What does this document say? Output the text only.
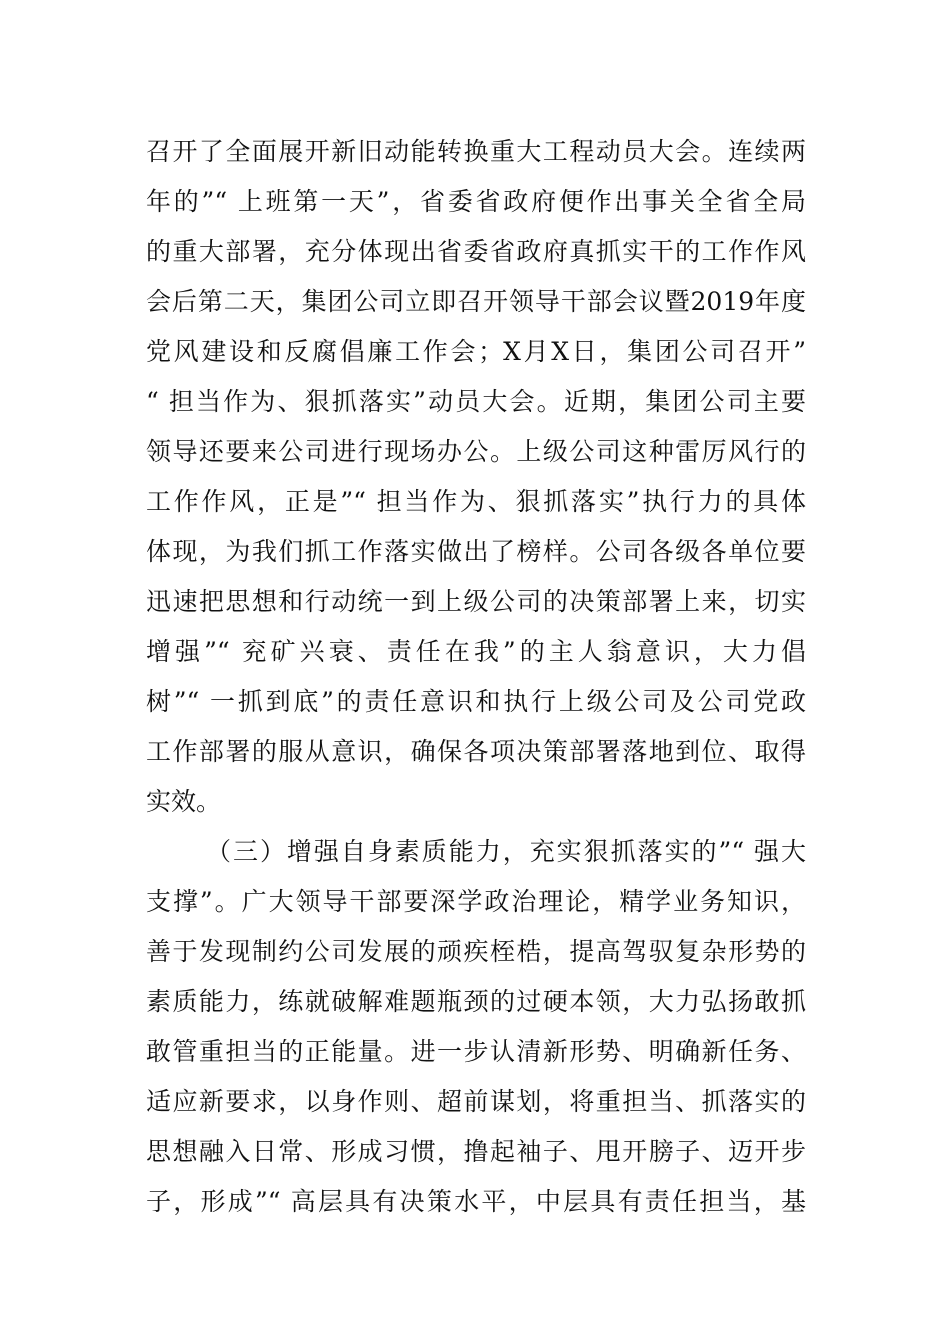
召开了全面展开新旧动能转换重大工程动员大会。连续两
年的”“ 上班第一天”，省委省政府便作出事关全省全局
的重大部署，充分体现出省委省政府真抓实干的工作作风
会后第二天，集团公司立即召开领导干部会议暨2019年度
党风建设和反腐倡廉工作会；X月X日，集团公司召开”
“ 担当作为、狠抓落实”动员大会。近期，集团公司主要
领导还要来公司进行现场办公。上级公司这种雷厉风行的
工作作风，正是”“ 担当作为、狠抓落实”执行力的具体
体现，为我们抓工作落实做出了榜样。公司各级各单位要
迅速把思想和行动统一到上级公司的决策部署上来，切实
增强”“ 兖矿兴衰、责任在我”的主人翁意识，大力倡
树”“ 一抓到底”的责任意识和执行上级公司及公司党政
工作部署的服从意识，确保各项决策部署落地到位、取得
实效。
（三）增强自身素质能力，充实狠抓落实的”“ 强大
支撑”。广大领导干部要深学政治理论，精学业务知识，
善于发现制约公司发展的顽疾桎梏，提高驾驭复杂形势的
素质能力，练就破解难题瓶颈的过硬本领，大力弘扬敢抓
敢管重担当的正能量。进一步认清新形势、明确新任务、
适应新要求，以身作则、超前谋划，将重担当、抓落实的
思想融入日常、形成习惯，撸起袖子、甩开膀子、迈开步
子，形成”“ 高层具有决策水平，中层具有责任担当，基
